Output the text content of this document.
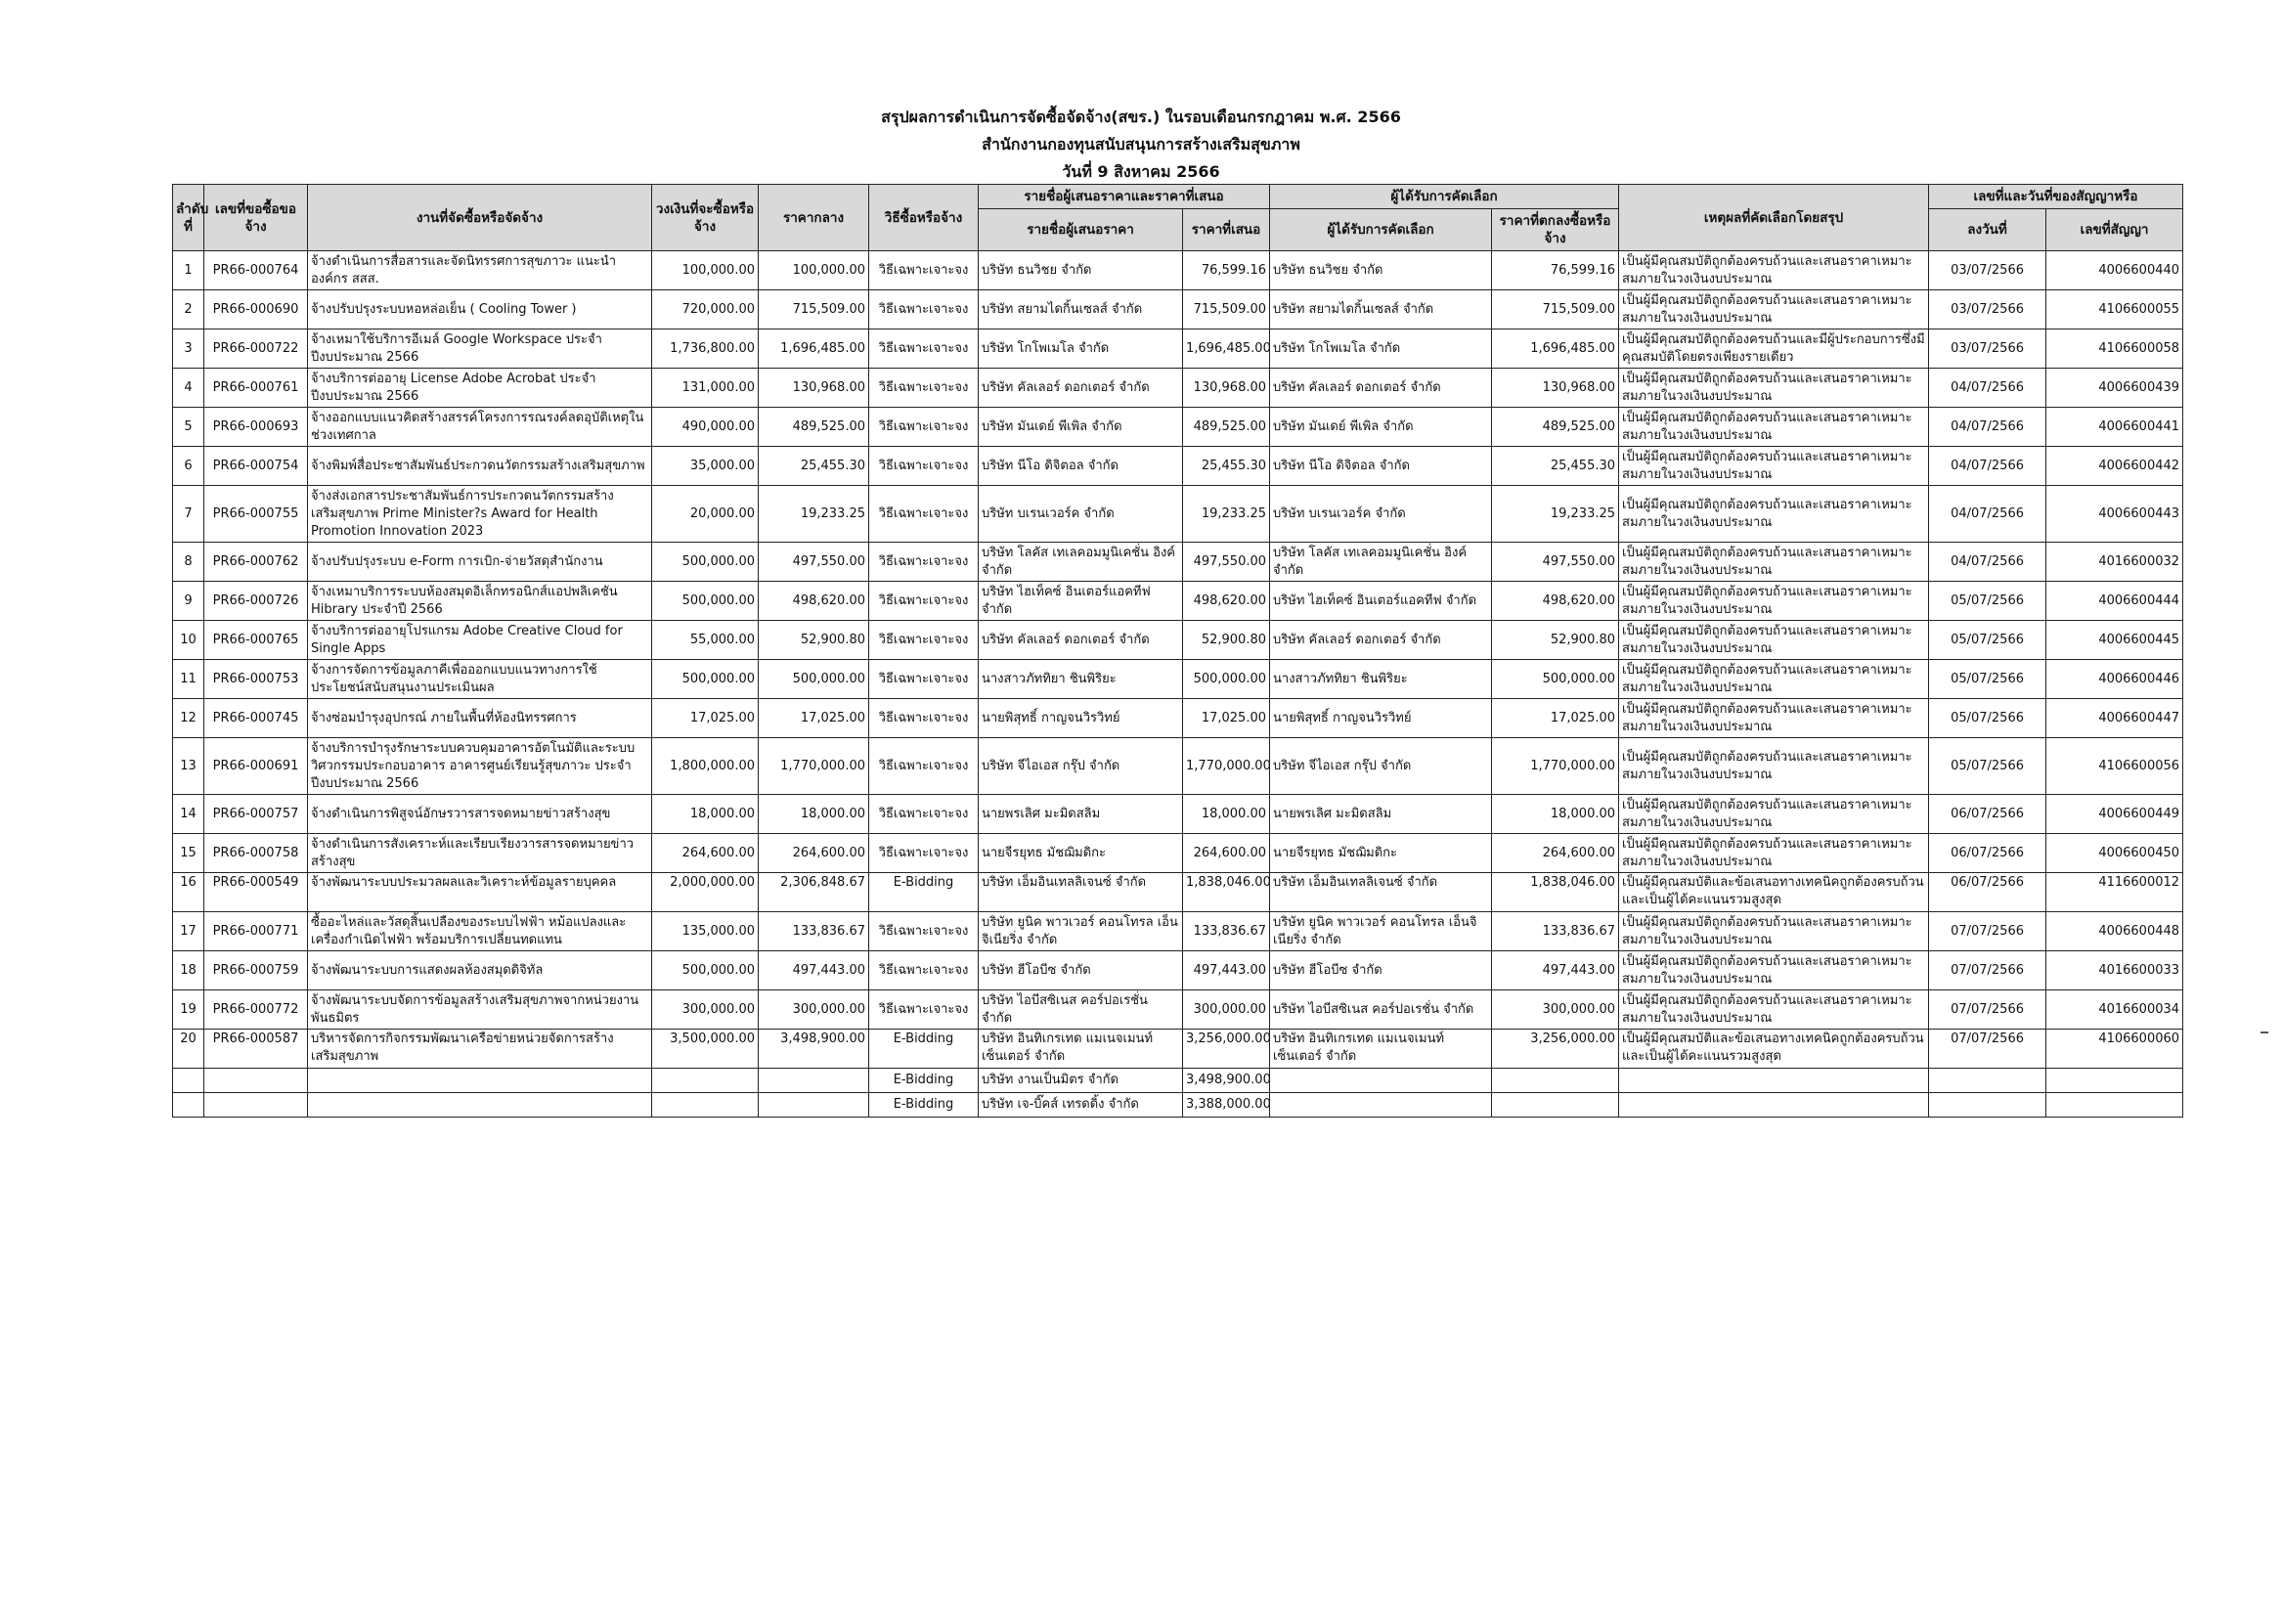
สรุปผลการดำเนินการจัดซื้อจัดจ้าง(สขร.) ในรอบเดือนกรกฎาคม พ.ศ. 2566
สำนักงานกองทุนสนับสนุนการสร้างเสริมสุขภาพ
วันที่ 9 สิงหาคม 2566
ลำดับที่	เลขที่ขอซื้อขอจ้าง	งานที่จัดซื้อหรือจัดจ้าง	วงเงินที่จะซื้อหรือจ้าง	ราคากลาง	วิธีซื้อหรือจ้าง	รายชื่อผู้เสนอราคาและราคาที่เสนอ		ผู้ได้รับการคัดเลือก		เหตุผลที่คัดเลือกโดยสรุป	เลขที่และวันที่ของสัญญาหรือ	
						รายชื่อผู้เสนอราคา	ราคาที่เสนอ	ผู้ได้รับการคัดเลือก	ราคาที่ตกลงซื้อหรือจ้าง		ลงวันที่	เลขที่สัญญา
1	PR66-000764	จ้างดำเนินการสื่อสารและจัดนิทรรศการสุขภาวะ แนะนำองค์กร สสส.	100,000.00	100,000.00	วิธีเฉพาะเจาะจง	บริษัท ธนวิชย จำกัด	76,599.16	บริษัท ธนวิชย จำกัด	76,599.16	เป็นผู้มีคุณสมบัติถูกต้องครบถ้วนและเสนอราคาเหมาะสมภายในวงเงินงบประมาณ	03/07/2566	4006600440
2	PR66-000690	จ้างปรับปรุงระบบหอหล่อเย็น ( Cooling Tower )	720,000.00	715,509.00	วิธีเฉพาะเจาะจง	บริษัท สยามไดกิ้นเซลส์ จำกัด	715,509.00	บริษัท สยามไดกิ้นเซลส์ จำกัด	715,509.00	เป็นผู้มีคุณสมบัติถูกต้องครบถ้วนและเสนอราคาเหมาะสมภายในวงเงินงบประมาณ	03/07/2566	4106600055
3	PR66-000722	จ้างเหมาใช้บริการอีเมล์ Google Workspace ประจำปีงบประมาณ 2566	1,736,800.00	1,696,485.00	วิธีเฉพาะเจาะจง	บริษัท โกโพเมโล จำกัด	1,696,485.00	บริษัท โกโพเมโล จำกัด	1,696,485.00	เป็นผู้มีคุณสมบัติถูกต้องครบถ้วนและมีผู้ประกอบการซึ่งมีคุณสมบัติโดยตรงเพียงรายเดียว	03/07/2566	4106600058
4	PR66-000761	จ้างบริการต่ออายุ License Adobe Acrobat ประจำปีงบประมาณ 2566	131,000.00	130,968.00	วิธีเฉพาะเจาะจง	บริษัท คัลเลอร์ ดอกเตอร์ จำกัด	130,968.00	บริษัท คัลเลอร์ ดอกเตอร์ จำกัด	130,968.00	เป็นผู้มีคุณสมบัติถูกต้องครบถ้วนและเสนอราคาเหมาะสมภายในวงเงินงบประมาณ	04/07/2566	4006600439
5	PR66-000693	จ้างออกแบบแนวคิดสร้างสรรค์โครงการรณรงค์ลดอุบัติเหตุในช่วงเทศกาล	490,000.00	489,525.00	วิธีเฉพาะเจาะจง	บริษัท มันเดย์ พีเพิล จำกัด	489,525.00	บริษัท มันเดย์ พีเพิล จำกัด	489,525.00	เป็นผู้มีคุณสมบัติถูกต้องครบถ้วนและเสนอราคาเหมาะสมภายในวงเงินงบประมาณ	04/07/2566	4006600441
6	PR66-000754	จ้างพิมพ์สื่อประชาสัมพันธ์ประกวดนวัตกรรมสร้างเสริมสุขภาพ	35,000.00	25,455.30	วิธีเฉพาะเจาะจง	บริษัท นีโอ ดิจิตอล จำกัด	25,455.30	บริษัท นีโอ ดิจิตอล จำกัด	25,455.30	เป็นผู้มีคุณสมบัติถูกต้องครบถ้วนและเสนอราคาเหมาะสมภายในวงเงินงบประมาณ	04/07/2566	4006600442
7	PR66-000755	จ้างส่งเอกสารประชาสัมพันธ์การประกวดนวัตกรรมสร้างเสริมสุขภาพ Prime Minister?s Award for Health Promotion Innovation 2023	20,000.00	19,233.25	วิธีเฉพาะเจาะจง	บริษัท บเรนเวอร์ค จำกัด	19,233.25	บริษัท บเรนเวอร์ค จำกัด	19,233.25	เป็นผู้มีคุณสมบัติถูกต้องครบถ้วนและเสนอราคาเหมาะสมภายในวงเงินงบประมาณ	04/07/2566	4006600443
8	PR66-000762	จ้างปรับปรุงระบบ e-Form การเบิก-จ่ายวัสดุสำนักงาน	500,000.00	497,550.00	วิธีเฉพาะเจาะจง	บริษัท โลคัส เทเลคอมมูนิเคชั่น อิงค์ จำกัด	497,550.00	บริษัท โลคัส เทเลคอมมูนิเคชั่น อิงค์ จำกัด	497,550.00	เป็นผู้มีคุณสมบัติถูกต้องครบถ้วนและเสนอราคาเหมาะสมภายในวงเงินงบประมาณ	04/07/2566	4016600032
9	PR66-000726	จ้างเหมาบริการระบบห้องสมุดอิเล็กทรอนิกส์แอปพลิเคชัน Hibrary ประจำปี 2566	500,000.00	498,620.00	วิธีเฉพาะเจาะจง	บริษัท ไฮเท็คซ์ อินเตอร์แอคทีฟ จำกัด	498,620.00	บริษัท ไฮเท็คซ์ อินเตอร์แอคทีฟ จำกัด	498,620.00	เป็นผู้มีคุณสมบัติถูกต้องครบถ้วนและเสนอราคาเหมาะสมภายในวงเงินงบประมาณ	05/07/2566	4006600444
10	PR66-000765	จ้างบริการต่ออายุโปรแกรม Adobe Creative Cloud for Single Apps	55,000.00	52,900.80	วิธีเฉพาะเจาะจง	บริษัท คัลเลอร์ ดอกเตอร์ จำกัด	52,900.80	บริษัท คัลเลอร์ ดอกเตอร์ จำกัด	52,900.80	เป็นผู้มีคุณสมบัติถูกต้องครบถ้วนและเสนอราคาเหมาะสมภายในวงเงินงบประมาณ	05/07/2566	4006600445
11	PR66-000753	จ้างการจัดการข้อมูลภาคีเพื่อออกแบบแนวทางการใช้ประโยชน์สนับสนุนงานประเมินผล	500,000.00	500,000.00	วิธีเฉพาะเจาะจง	นางสาวภัททิยา ชินพิริยะ	500,000.00	นางสาวภัททิยา ชินพิริยะ	500,000.00	เป็นผู้มีคุณสมบัติถูกต้องครบถ้วนและเสนอราคาเหมาะสมภายในวงเงินงบประมาณ	05/07/2566	4006600446
12	PR66-000745	จ้างซ่อมบำรุงอุปกรณ์ ภายในพื้นที่ห้องนิทรรศการ	17,025.00	17,025.00	วิธีเฉพาะเจาะจง	นายพิสุทธิ์ กาญจนวิรวิทย์	17,025.00	นายพิสุทธิ์ กาญจนวิรวิทย์	17,025.00	เป็นผู้มีคุณสมบัติถูกต้องครบถ้วนและเสนอราคาเหมาะสมภายในวงเงินงบประมาณ	05/07/2566	4006600447
13	PR66-000691	จ้างบริการบำรุงรักษาระบบควบคุมอาคารอัตโนมัติและระบบวิศวกรรมประกอบอาคาร อาคารศูนย์เรียนรู้สุขภาวะ ประจำปีงบประมาณ 2566	1,800,000.00	1,770,000.00	วิธีเฉพาะเจาะจง	บริษัท จีไอเอส กรุ๊ป จำกัด	1,770,000.00	บริษัท จีไอเอส กรุ๊ป จำกัด	1,770,000.00	เป็นผู้มีคุณสมบัติถูกต้องครบถ้วนและเสนอราคาเหมาะสมภายในวงเงินงบประมาณ	05/07/2566	4106600056
14	PR66-000757	จ้างดำเนินการพิสูจน์อักษรวารสารจดหมายข่าวสร้างสุข	18,000.00	18,000.00	วิธีเฉพาะเจาะจง	นายพรเลิศ มะมิดสลิม	18,000.00	นายพรเลิศ มะมิดสลิม	18,000.00	เป็นผู้มีคุณสมบัติถูกต้องครบถ้วนและเสนอราคาเหมาะสมภายในวงเงินงบประมาณ	06/07/2566	4006600449
15	PR66-000758	จ้างดำเนินการสังเคราะห์และเรียบเรียงวารสารจดหมายข่าวสร้างสุข	264,600.00	264,600.00	วิธีเฉพาะเจาะจง	นายจีรยุทธ มัชฌิมดิกะ	264,600.00	นายจีรยุทธ มัชฌิมดิกะ	264,600.00	เป็นผู้มีคุณสมบัติถูกต้องครบถ้วนและเสนอราคาเหมาะสมภายในวงเงินงบประมาณ	06/07/2566	4006600450
16	PR66-000549	จ้างพัฒนาระบบประมวลผลและวิเคราะห์ข้อมูลรายบุคคล	2,000,000.00	2,306,848.67	E-Bidding	บริษัท เอ็มอินเทลลิเจนซ์ จำกัด	1,838,046.00	บริษัท เอ็มอินเทลลิเจนซ์ จำกัด	1,838,046.00	เป็นผู้มีคุณสมบัติและข้อเสนอทางเทคนิคถูกต้องครบถ้วนและเป็นผู้ได้คะแนนรวมสูงสุด	06/07/2566	4116600012
17	PR66-000771	ซื้ออะไหล่และวัสดุสิ้นเปลืองของระบบไฟฟ้า หม้อแปลงและเครื่องกำเนิดไฟฟ้า พร้อมบริการเปลี่ยนทดแทน	135,000.00	133,836.67	วิธีเฉพาะเจาะจง	บริษัท ยูนิค พาวเวอร์ คอนโทรล เอ็นจิเนียริ่ง จำกัด	133,836.67	บริษัท ยูนิค พาวเวอร์ คอนโทรล เอ็นจิเนียริ่ง จำกัด	133,836.67	เป็นผู้มีคุณสมบัติถูกต้องครบถ้วนและเสนอราคาเหมาะสมภายในวงเงินงบประมาณ	07/07/2566	4006600448
18	PR66-000759	จ้างพัฒนาระบบการแสดงผลห้องสมุดดิจิทัล	500,000.00	497,443.00	วิธีเฉพาะเจาะจง	บริษัท ฮีโอบีซ จำกัด	497,443.00	บริษัท ฮีโอบีซ จำกัด	497,443.00	เป็นผู้มีคุณสมบัติถูกต้องครบถ้วนและเสนอราคาเหมาะสมภายในวงเงินงบประมาณ	07/07/2566	4016600033
19	PR66-000772	จ้างพัฒนาระบบจัดการข้อมูลสร้างเสริมสุขภาพจากหน่วยงานพันธมิตร	300,000.00	300,000.00	วิธีเฉพาะเจาะจง	บริษัท ไอบีสซิเนส คอร์ปอเรชั่น จำกัด	300,000.00	บริษัท ไอบีสซิเนส คอร์ปอเรชั่น จำกัด	300,000.00	เป็นผู้มีคุณสมบัติถูกต้องครบถ้วนและเสนอราคาเหมาะสมภายในวงเงินงบประมาณ	07/07/2566	4016600034
20	PR66-000587	บริหารจัดการกิจกรรมพัฒนาเครือข่ายหน่วยจัดการสร้างเสริมสุขภาพ	3,500,000.00	3,498,900.00	E-Bidding	บริษัท อินทิเกรเทด แมเนจเมนท์ เซ็นเตอร์ จำกัด	3,256,000.00	บริษัท อินทิเกรเทด แมเนจเมนท์ เซ็นเตอร์ จำกัด	3,256,000.00	เป็นผู้มีคุณสมบัติและข้อเสนอทางเทคนิคถูกต้องครบถ้วนและเป็นผู้ได้คะแนนรวมสูงสุด	07/07/2566	4106600060
					E-Bidding	บริษัท งานเป็นมิตร จำกัด	3,498,900.00					
					E-Bidding	บริษัท เจ-บิ๊คส์ เทรดดิ้ง จำกัด	3,388,000.00					
